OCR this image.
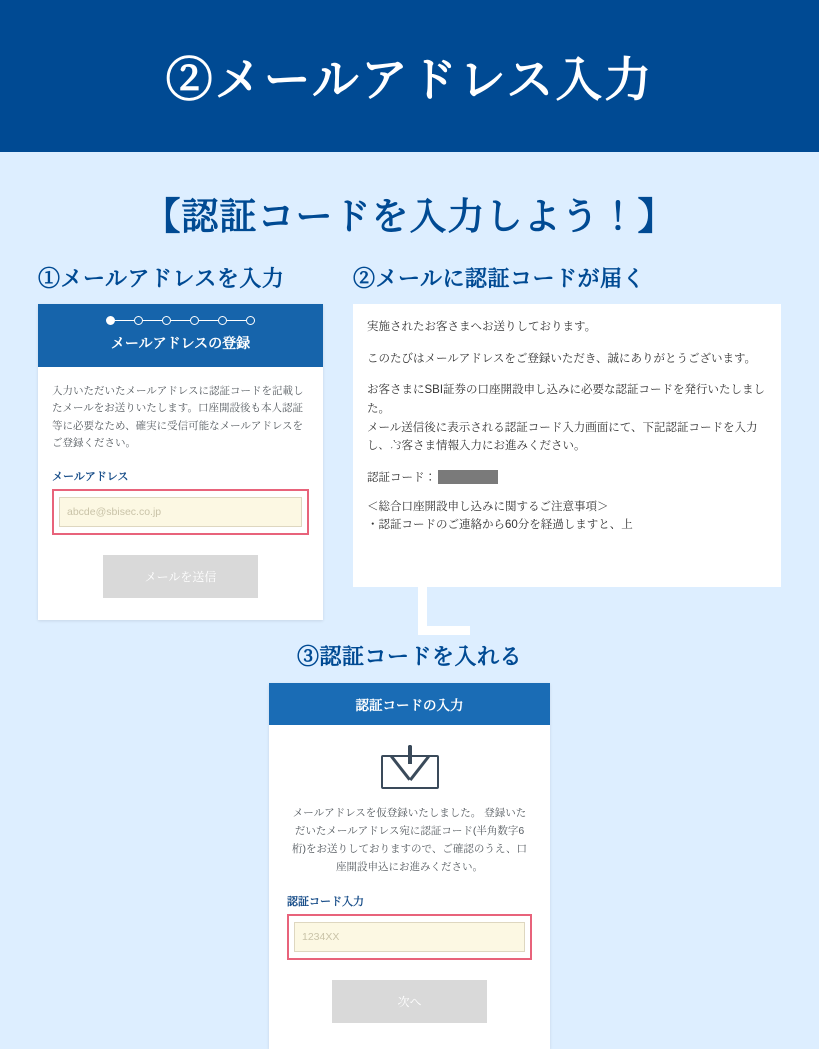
②メールアドレス入力
【認証コードを入力しよう！】
①メールアドレスを入力
メールアドレスの登録
入力いただいたメールアドレスに認証コードを記載したメールをお送りいたします。口座開設後も本人認証等に必要なため、確実に受信可能なメールアドレスをご登録ください。
メールアドレス
abcde@sbisec.co.jp
メールを送信
②メールに認証コードが届く

実施されたお客さまへお送りしております。

このたびはメールアドレスをご登録いただき、誠にありがとうございます。

お客さまにSBI証券の口座開設申し込みに必要な認証コードを発行いたしました。

メール送信後に表示される認証コード入力画面にて、下記認証コードを入力し、お客さま情報入力にお進みください。

認証コード：

＜総合口座開設申し込みに関するご注意事項＞

・認証コードのご連絡から60分を経過しますと、上

»
③認証コードを入れる
認証コードの入力
メールアドレスを仮登録いたしました。 登録いただいたメールアドレス宛に認証コード(半角数字6桁)をお送りしておりますので、ご確認のうえ、口座開設申込にお進みください。
認証コード入力
1234XX
次へ
